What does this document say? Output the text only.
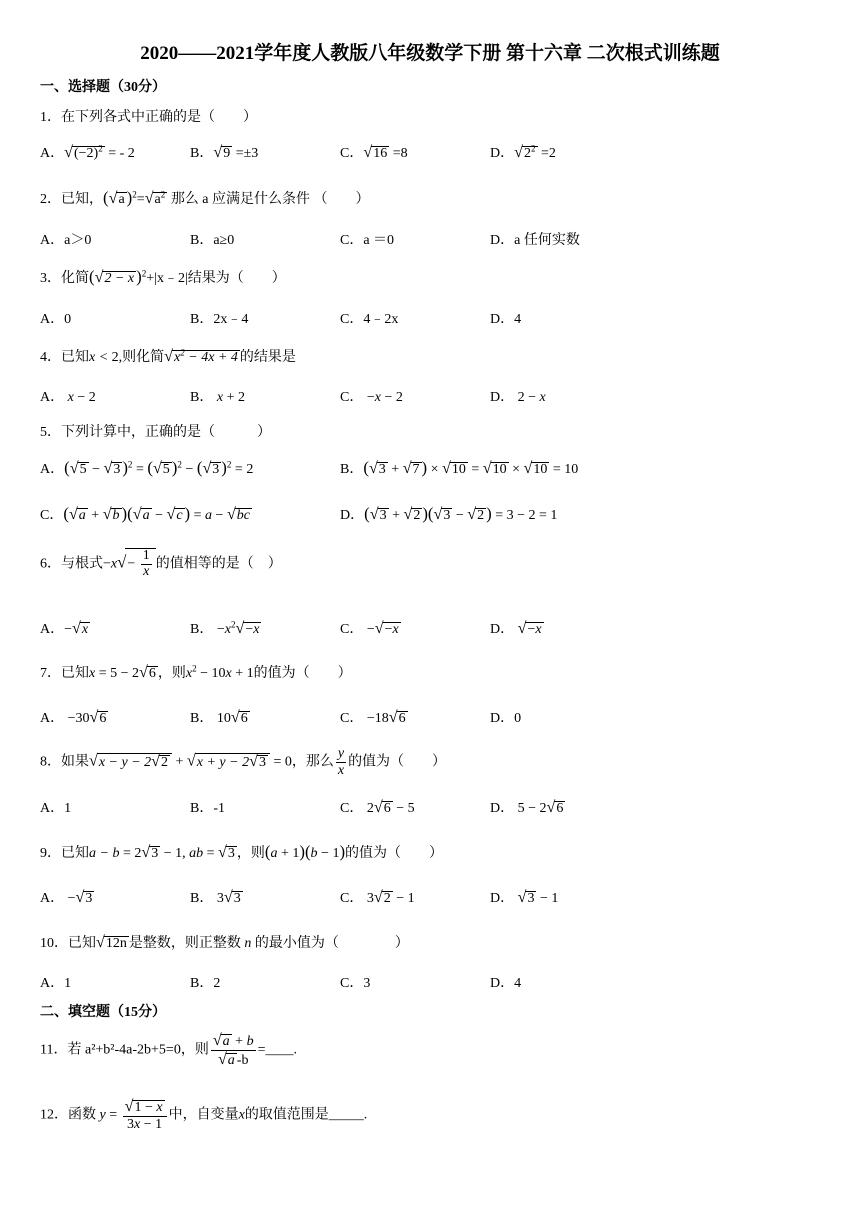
2020——2021学年度人教版八年级数学下册 第十六章 二次根式训练题
一、选择题（30分）
1．在下列各式中正确的是（　　）
A．$√(-2)^2$ = - 2	B．√9 =±3	C．√16 =8	D．$√2^2 =2$
2．已知，(√a )$^2=√a^2$ 那么 a 应满足什么条件 （　　）
A．a＞0	B．a≥0	C．a ＝0	D．a 任何实数
3．化简(√2 − x )$^2$+|x﹣2|结果为（　　）
A．0	B．2x﹣4	C．4﹣2x	D．4
4．已知x < 2,则化简$√x^2 - 4x + 4$ 的结果是
A． x − 2	B． x + 2	C． −x − 2	D． 2 − x
5．下列计算中，正确的是（　　　）
A．(√5 − √3 )$^2$ = (√5 )$^2$ − (√3 )$^2$ = 2	B．(√3 + √7 ) × √10 = √10 × √10 = 10
C．(√a + √b )(√a − √c ) = a − √bc	D．(√3 + √2 )(√3 − √2 ) = 3 − 2 = 1
6．与根式$-x√- \frac{1}{x}$ 的值相等的是（　）
A．−√x	B． $-x^2√-x$	C． −√−x	D． √−x
7．已知x = 5 − 2√6 ，则$x^2 - 10x + 1$的值为（　　）
A． −30√6	B． 10√6	C． −18√6	D．0
8．如果√x − y − 2√2 + √x + y − 2√3 = 0，那么 $\frac{y}{x}$ 的值为（　　）
A．1	B．-1	C． 2√6 − 5	D． 5 − 2√6
9．已知a − b = 2√3 − 1, ab = √3 ，则(a + 1)(b − 1)的值为（　　）
A． −√3	B． 3√3	C． 3√2 − 1	D． √3 − 1
10．已知√12n 是整数，则正整数 n 的最小值为（　　　　）
A．1	B．2	C．3	D．4
二、填空题（15分）
11．若 a²+b²-4a-2b+5=0，则 $\frac{√a + b}{√a -b}$ =____.
12．函数 $y = \frac{√1 - x}{3x - 1}$ 中，自变量x的取值范围是_____.
